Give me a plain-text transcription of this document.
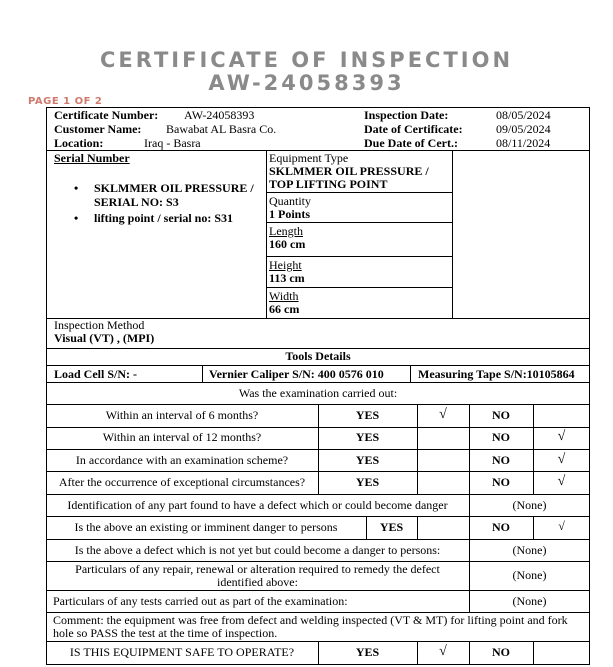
CERTIFICATE OF INSPECTION
AW-24058393
PAGE 1 OF 2
Certificate Number: AW-24058393
Customer Name: Bawabat AL Basra Co.
Location:	Iraq - Basra
Inspection Date:	08/05/2024
Date of Certificate:	09/05/2024
Due Date of Cert.:	08/11/2024
Serial Number
• SKLMMER OIL PRESSURE / SERIAL NO: S3
• lifting point / serial no: S31
Equipment Type
SKLMMER OIL PRESSURE / TOP LIFTING POINT
Quantity
1 Points
Length
160 cm
Height
113 cm
Width
66 cm
Inspection Method
Visual (VT) , (MPI)
Tools Details
Load Cell S/N: -	Vernier Caliper S/N: 400 0576 010	Measuring Tape S/N:10105864
Was the examination carried out:
Within an interval of 6 months?	YES	√	NO
Within an interval of 12 months?	YES	NO	√
In accordance with an examination scheme?	YES	NO	√
After the occurrence of exceptional circumstances?	YES	NO	√
Identification of any part found to have a defect which or could become danger	(None)
Is the above an existing or imminent danger to persons	YES	NO	√
Is the above a defect which is not yet but could become a danger to persons:	(None)
Particulars of any repair, renewal or alteration required to remedy the defect
identified above:	(None)
Particulars of any tests carried out as part of the examination:	(None)
Comment: the equipment was free from defect and welding inspected (VT & MT) for lifting point and fork
hole so PASS the test at the time of inspection.
IS THIS EQUIPMENT SAFE TO OPERATE?	YES	√	NO
